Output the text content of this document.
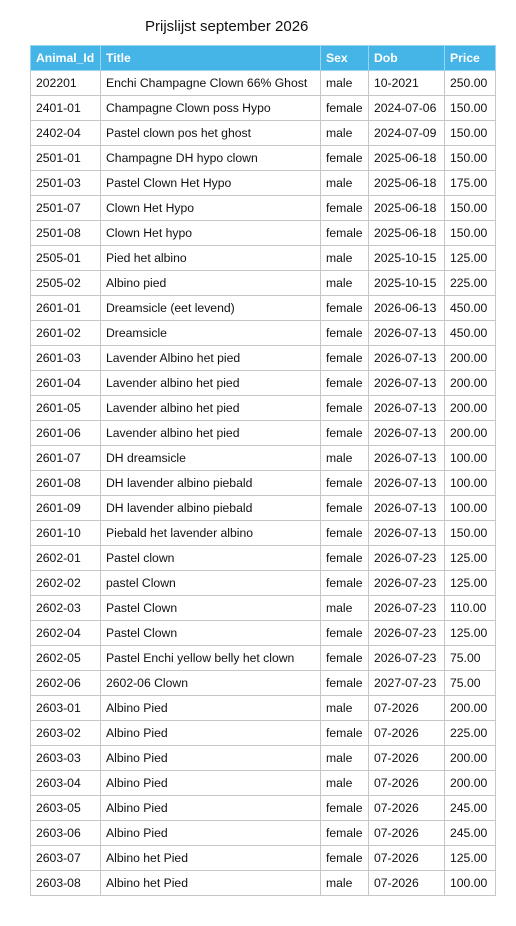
Prijslijst september 2026
Animal_Id	Title	Sex	Dob	Price
202201	Enchi Champagne Clown 66% Ghost	male	10-2021	250.00
2401-01	Champagne Clown poss Hypo	female	2024-07-06	150.00
2402-04	Pastel clown pos het ghost	male	2024-07-09	150.00
2501-01	Champagne DH hypo clown	female	2025-06-18	150.00
2501-03	Pastel Clown Het Hypo	male	2025-06-18	175.00
2501-07	Clown Het Hypo	female	2025-06-18	150.00
2501-08	Clown Het hypo	female	2025-06-18	150.00
2505-01	Pied het albino	male	2025-10-15	125.00
2505-02	Albino pied	male	2025-10-15	225.00
2601-01	Dreamsicle (eet levend)	female	2026-06-13	450.00
2601-02	Dreamsicle	female	2026-07-13	450.00
2601-03	Lavender Albino het pied	female	2026-07-13	200.00
2601-04	Lavender albino het pied	female	2026-07-13	200.00
2601-05	Lavender albino het pied	female	2026-07-13	200.00
2601-06	Lavender albino het pied	female	2026-07-13	200.00
2601-07	DH dreamsicle	male	2026-07-13	100.00
2601-08	DH lavender albino piebald	female	2026-07-13	100.00
2601-09	DH lavender albino piebald	female	2026-07-13	100.00
2601-10	Piebald het lavender albino	female	2026-07-13	150.00
2602-01	Pastel clown	female	2026-07-23	125.00
2602-02	pastel Clown	female	2026-07-23	125.00
2602-03	Pastel Clown	male	2026-07-23	110.00
2602-04	Pastel Clown	female	2026-07-23	125.00
2602-05	Pastel Enchi yellow belly het clown	female	2026-07-23	75.00
2602-06	2602-06 Clown	female	2027-07-23	75.00
2603-01	Albino Pied	male	07-2026	200.00
2603-02	Albino Pied	female	07-2026	225.00
2603-03	Albino Pied	male	07-2026	200.00
2603-04	Albino Pied	male	07-2026	200.00
2603-05	Albino Pied	female	07-2026	245.00
2603-06	Albino Pied	female	07-2026	245.00
2603-07	Albino het Pied	female	07-2026	125.00
2603-08	Albino het Pied	male	07-2026	100.00
